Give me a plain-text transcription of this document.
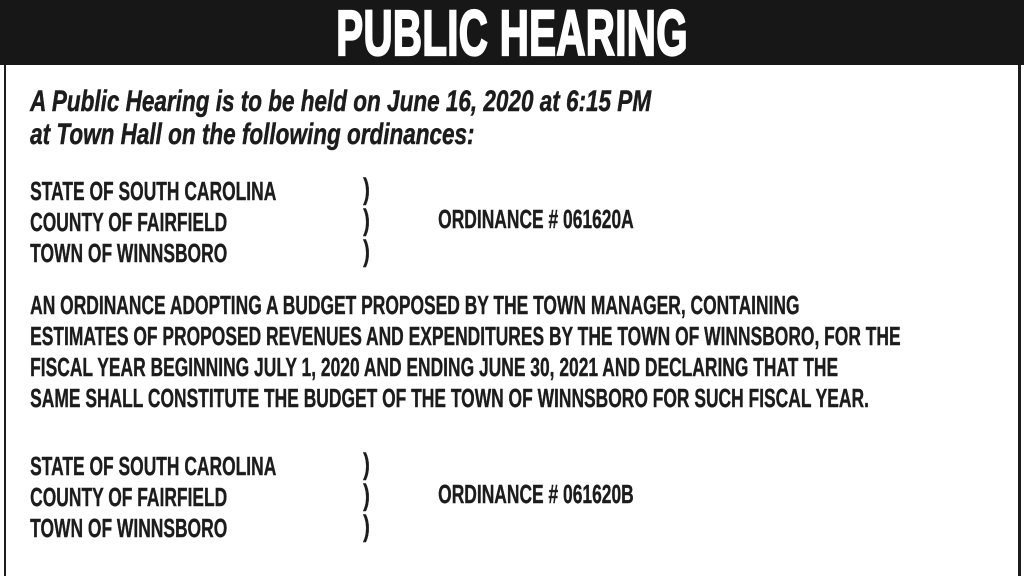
PUBLIC HEARING
A Public Hearing is to be held on June 16, 2020 at 6:15 PM
at Town Hall on the following ordinances:
STATE OF SOUTH CAROLINA	)
COUNTY OF FAIRFIELD	)
TOWN OF WINNSBORO	)
ORDINANCE # 061620A
AN ORDINANCE ADOPTING A BUDGET PROPOSED BY THE TOWN MANAGER, CONTAINING
ESTIMATES OF PROPOSED REVENUES AND EXPENDITURES BY THE TOWN OF WINNSBORO, FOR THE
FISCAL YEAR BEGINNING JULY 1, 2020 AND ENDING JUNE 30, 2021 AND DECLARING THAT THE
SAME SHALL CONSTITUTE THE BUDGET OF THE TOWN OF WINNSBORO FOR SUCH FISCAL YEAR.
STATE OF SOUTH CAROLINA	)
COUNTY OF FAIRFIELD	)
TOWN OF WINNSBORO	)
ORDINANCE # 061620B
